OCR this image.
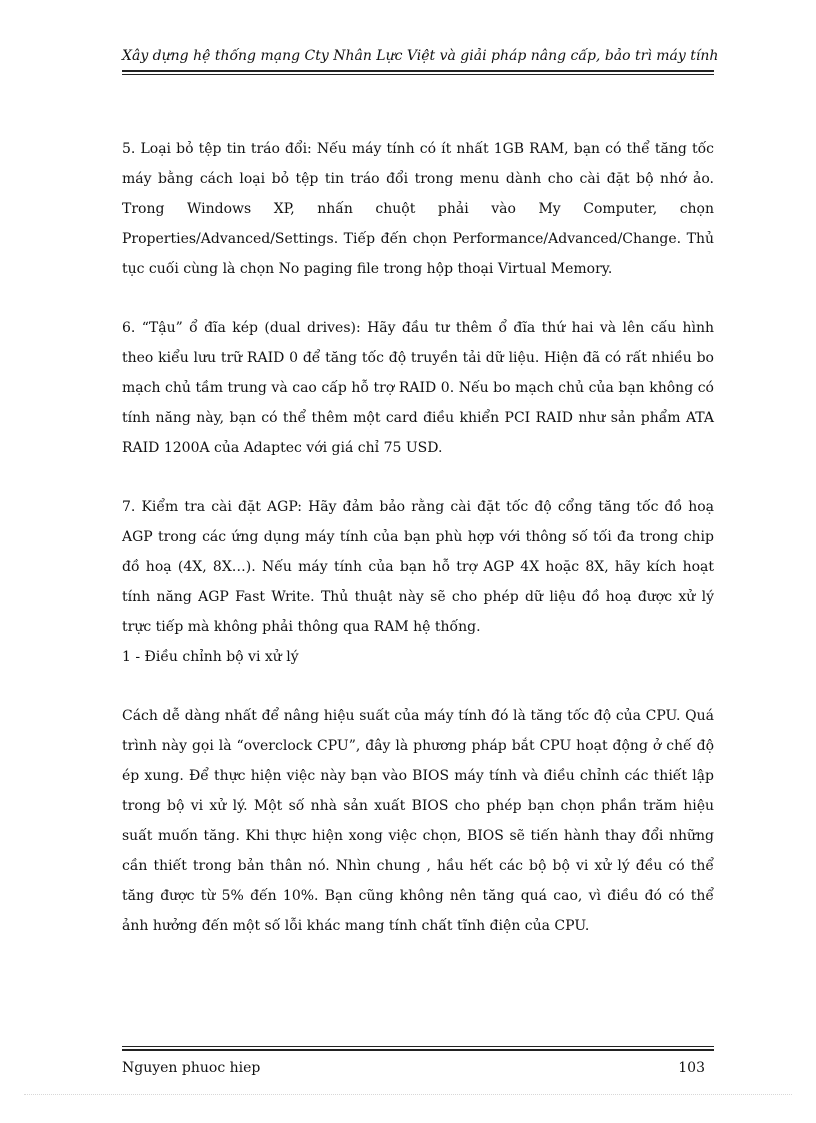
Xây dựng hệ thống mạng Cty Nhân Lực Việt và giải pháp nâng cấp, bảo trì máy tính

5. Loại bỏ tệp tin tráo đổi: Nếu máy tính có ít nhất 1GB RAM, bạn có thể tăng tốc máy bằng cách loại bỏ tệp tin tráo đổi trong menu dành cho cài đặt bộ nhớ ảo. Trong Windows XP, nhấn chuột phải vào My Computer, chọn Properties/Advanced/Settings. Tiếp đến chọn Performance/Advanced/Change. Thủ tục cuối cùng là chọn No paging file trong hộp thoại Virtual Memory.

6. “Tậu” ổ đĩa kép (dual drives): Hãy đầu tư thêm ổ đĩa thứ hai và lên cấu hình theo kiểu lưu trữ RAID 0 để tăng tốc độ truyền tải dữ liệu. Hiện đã có rất nhiều bo mạch chủ tầm trung và cao cấp hỗ trợ RAID 0. Nếu bo mạch chủ của bạn không có tính năng này, bạn có thể thêm một card điều khiển PCI RAID như sản phẩm ATA RAID 1200A của Adaptec với giá chỉ 75 USD.

7. Kiểm tra cài đặt AGP: Hãy đảm bảo rằng cài đặt tốc độ cổng tăng tốc đồ hoạ AGP trong các ứng dụng máy tính của bạn phù hợp với thông số tối đa trong chip đồ hoạ (4X, 8X…). Nếu máy tính của bạn hỗ trợ AGP 4X hoặc 8X, hãy kích hoạt tính năng AGP Fast Write. Thủ thuật này sẽ cho phép dữ liệu đồ hoạ được xử lý trực tiếp mà không phải thông qua RAM hệ thống.

1 - Điều chỉnh bộ vi xử lý

Cách dễ dàng nhất để nâng hiệu suất của máy tính đó là tăng tốc độ của CPU. Quá trình này gọi là “overclock CPU”, đây là phương pháp bắt CPU hoạt động ở chế độ ép xung. Để thực hiện việc này bạn vào BIOS máy tính và điều chỉnh các thiết lập trong bộ vi xử lý. Một số nhà sản xuất BIOS cho phép bạn chọn phần trăm hiệu suất muốn tăng. Khi thực hiện xong việc chọn, BIOS sẽ tiến hành thay đổi những cần thiết trong bản thân nó. Nhìn chung , hầu hết các bộ bộ vi xử lý đều có thể tăng được từ 5% đến 10%. Bạn cũng không nên tăng quá cao, vì điều đó có thể ảnh hưởng đến một số lỗi khác mang tính chất tĩnh điện của CPU.

Nguyen phuoc hiep	103
